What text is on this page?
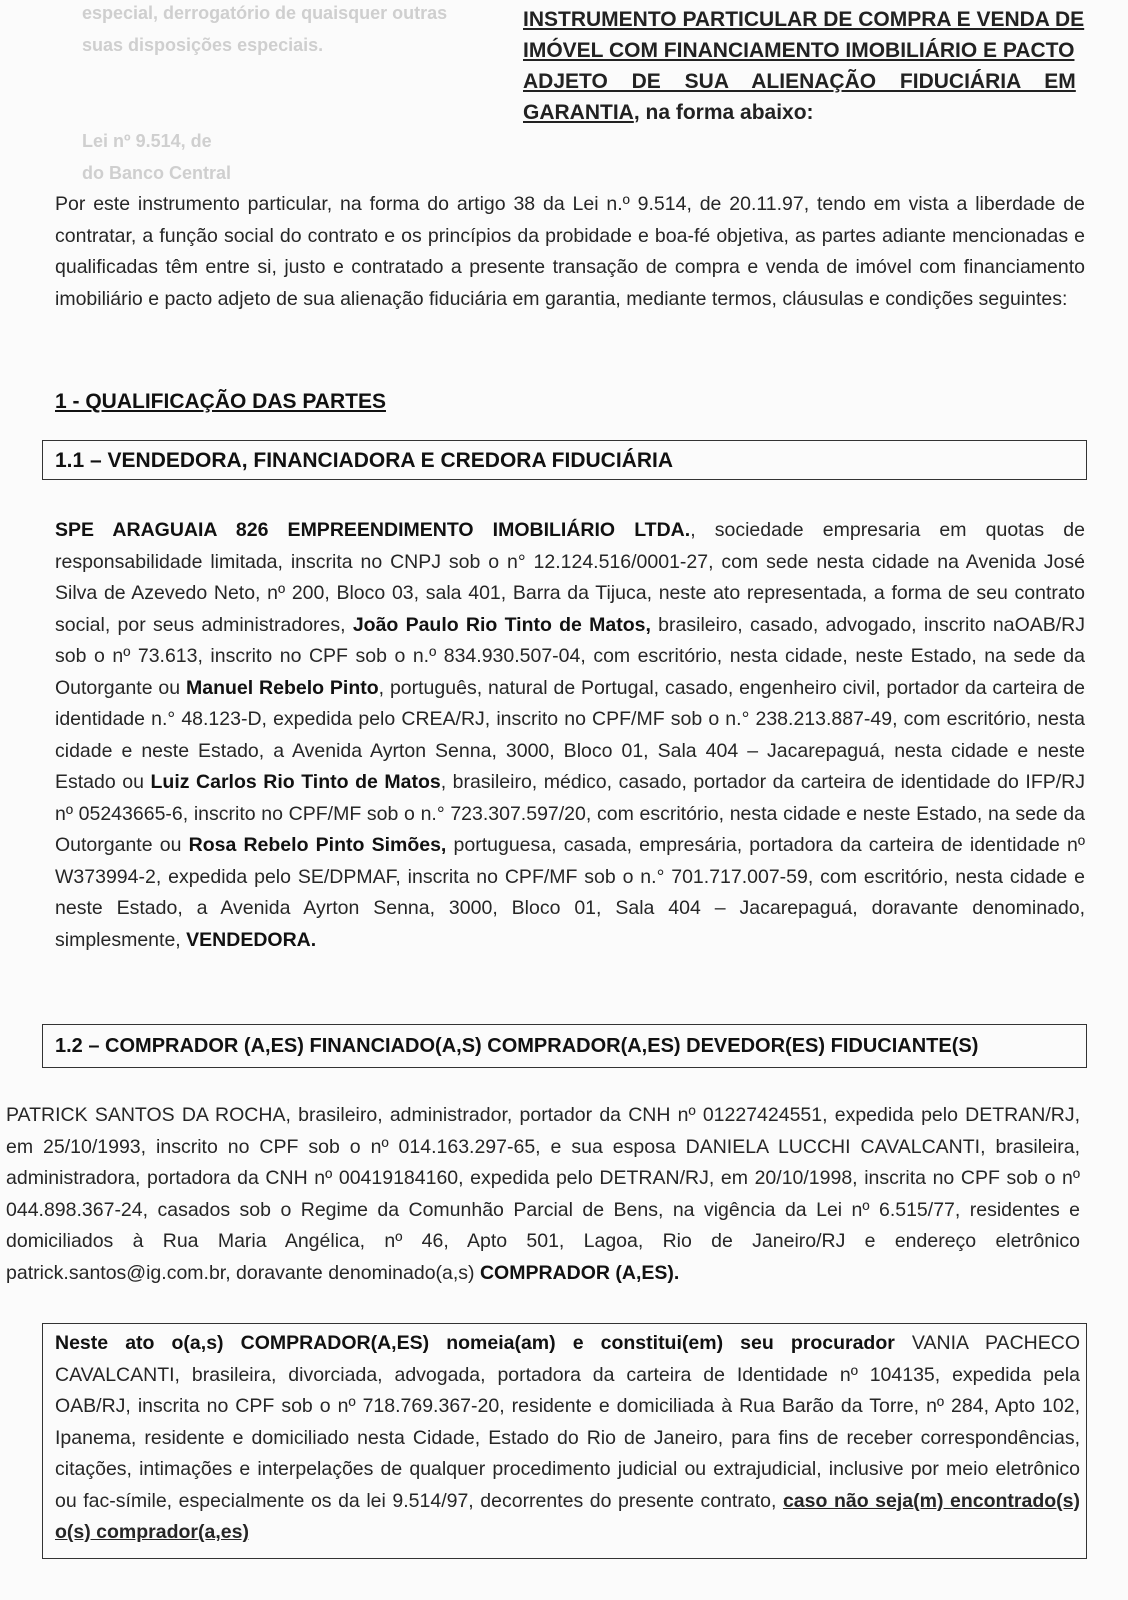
especial, derrogatório de quaisquer outras
suas disposições especiais.
Lei nº 9.514, de
do Banco Central
INSTRUMENTO PARTICULAR DE COMPRA E VENDA DE
IMÓVEL COM FINANCIAMENTO IMOBILIÁRIO E PACTO
ADJETO DE SUA ALIENAÇÃO FIDUCIÁRIA EM
GARANTIA, na forma abaixo:
Por este instrumento particular, na forma do artigo 38 da Lei n.º 9.514, de 20.11.97, tendo em vista a liberdade de contratar, a função social do contrato e os princípios da probidade e boa-fé objetiva, as partes adiante mencionadas e qualificadas têm entre si, justo e contratado a presente transação de compra e venda de imóvel com financiamento imobiliário e pacto adjeto de sua alienação fiduciária em garantia, mediante termos, cláusulas e condições seguintes:
1 - QUALIFICAÇÃO DAS PARTES
1.1 – VENDEDORA, FINANCIADORA E CREDORA FIDUCIÁRIA
SPE ARAGUAIA 826 EMPREENDIMENTO IMOBILIÁRIO LTDA., sociedade empresaria em quotas de responsabilidade limitada, inscrita no CNPJ sob o n° 12.124.516/0001-27, com sede nesta cidade na Avenida José Silva de Azevedo Neto, nº 200, Bloco 03, sala 401, Barra da Tijuca, neste ato representada, a forma de seu contrato social, por seus administradores, João Paulo Rio Tinto de Matos, brasileiro, casado, advogado, inscrito naOAB/RJ sob o nº 73.613, inscrito no CPF sob o n.º 834.930.507-04, com escritório, nesta cidade, neste Estado, na sede da Outorgante ou Manuel Rebelo Pinto, português, natural de Portugal, casado, engenheiro civil, portador da carteira de identidade n.° 48.123-D, expedida pelo CREA/RJ, inscrito no CPF/MF sob o n.° 238.213.887-49, com escritório, nesta cidade e neste Estado, a Avenida Ayrton Senna, 3000, Bloco 01, Sala 404 – Jacarepaguá, nesta cidade e neste Estado ou Luiz Carlos Rio Tinto de Matos, brasileiro, médico, casado, portador da carteira de identidade do IFP/RJ nº 05243665-6, inscrito no CPF/MF sob o n.° 723.307.597/20, com escritório, nesta cidade e neste Estado, na sede da Outorgante ou Rosa Rebelo Pinto Simões, portuguesa, casada, empresária, portadora da carteira de identidade nº W373994-2, expedida pelo SE/DPMAF, inscrita no CPF/MF sob o n.° 701.717.007-59, com escritório, nesta cidade e neste Estado, a Avenida Ayrton Senna, 3000, Bloco 01, Sala 404 – Jacarepaguá, doravante denominado, simplesmente, VENDEDORA.
1.2 – COMPRADOR (A,ES) FINANCIADO(A,S) COMPRADOR(A,ES) DEVEDOR(ES) FIDUCIANTE(S)
PATRICK SANTOS DA ROCHA, brasileiro, administrador, portador da CNH nº 01227424551, expedida pelo DETRAN/RJ, em 25/10/1993, inscrito no CPF sob o nº 014.163.297-65, e sua esposa DANIELA LUCCHI CAVALCANTI, brasileira, administradora, portadora da CNH nº 00419184160, expedida pelo DETRAN/RJ, em 20/10/1998, inscrita no CPF sob o nº 044.898.367-24, casados sob o Regime da Comunhão Parcial de Bens, na vigência da Lei nº 6.515/77, residentes e domiciliados à Rua Maria Angélica, nº 46, Apto 501, Lagoa, Rio de Janeiro/RJ e endereço eletrônico patrick.santos@ig.com.br, doravante denominado(a,s) COMPRADOR (A,ES).
Neste ato o(a,s) COMPRADOR(A,ES) nomeia(am) e constitui(em) seu procurador VANIA PACHECO CAVALCANTI, brasileira, divorciada, advogada, portadora da carteira de Identidade nº 104135, expedida pela OAB/RJ, inscrita no CPF sob o nº 718.769.367-20, residente e domiciliada à Rua Barão da Torre, nº 284, Apto 102, Ipanema, residente e domiciliado nesta Cidade, Estado do Rio de Janeiro, para fins de receber correspondências, citações, intimações e interpelações de qualquer procedimento judicial ou extrajudicial, inclusive por meio eletrônico ou fac-símile, especialmente os da lei 9.514/97, decorrentes do presente contrato, caso não seja(m) encontrado(s) o(s) comprador(a,es)
